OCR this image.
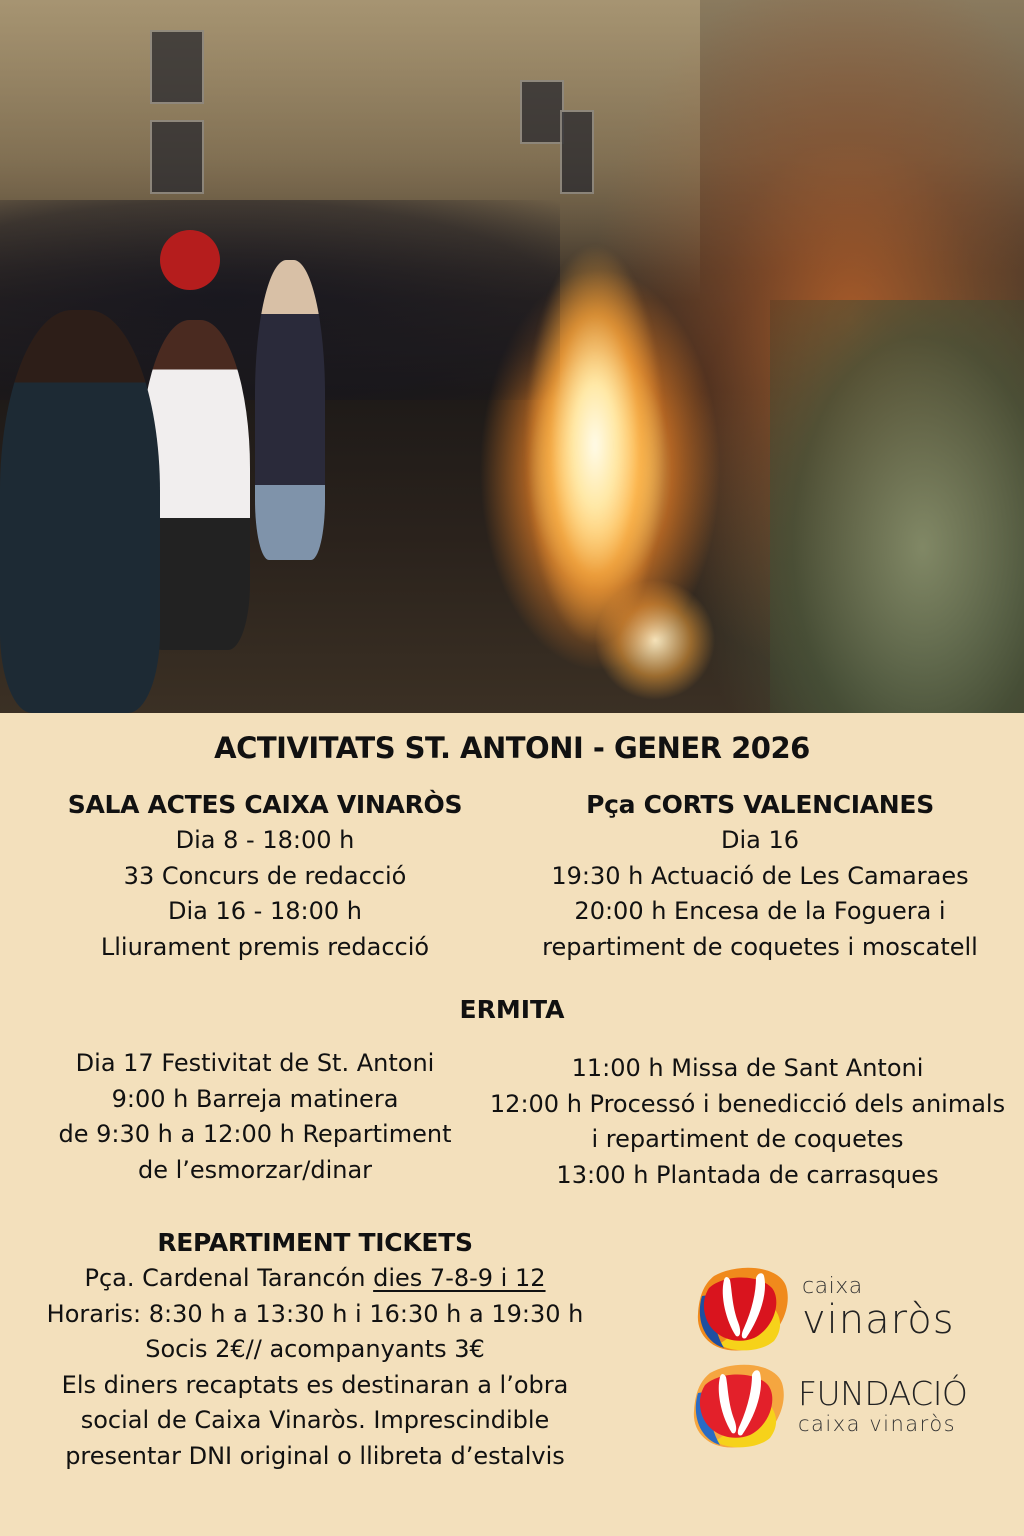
ACTIVITATS ST. ANTONI - GENER 2026
SALA ACTES CAIXA VINARÒS
Dia 8 - 18:00 h
33 Concurs de redacció
Dia 16 - 18:00 h
Lliurament premis redacció
Pça CORTS VALENCIANES
Dia 16
19:30 h Actuació de Les Camaraes
20:00 h Encesa de la Foguera i
repartiment de coquetes i moscatell
ERMITA
Dia 17 Festivitat de St. Antoni
9:00 h Barreja matinera
de 9:30 h a 12:00 h Repartiment
de l’esmorzar/dinar
11:00 h Missa de Sant Antoni
12:00 h Processó i benedicció dels animals
i repartiment de coquetes
13:00 h Plantada de carrasques
REPARTIMENT TICKETS
Pça. Cardenal Tarancón dies 7-8-9 i 12
Horaris: 8:30 h a 13:30 h i 16:30 h a 19:30 h
Socis 2€// acompanyants 3€
Els diners recaptats es destinaran a l’obra
social de Caixa Vinaròs. Imprescindible
presentar DNI original o llibreta d’estalvis
caixa
vinaròs
FUNDACIÓ
caixa vinaròs
